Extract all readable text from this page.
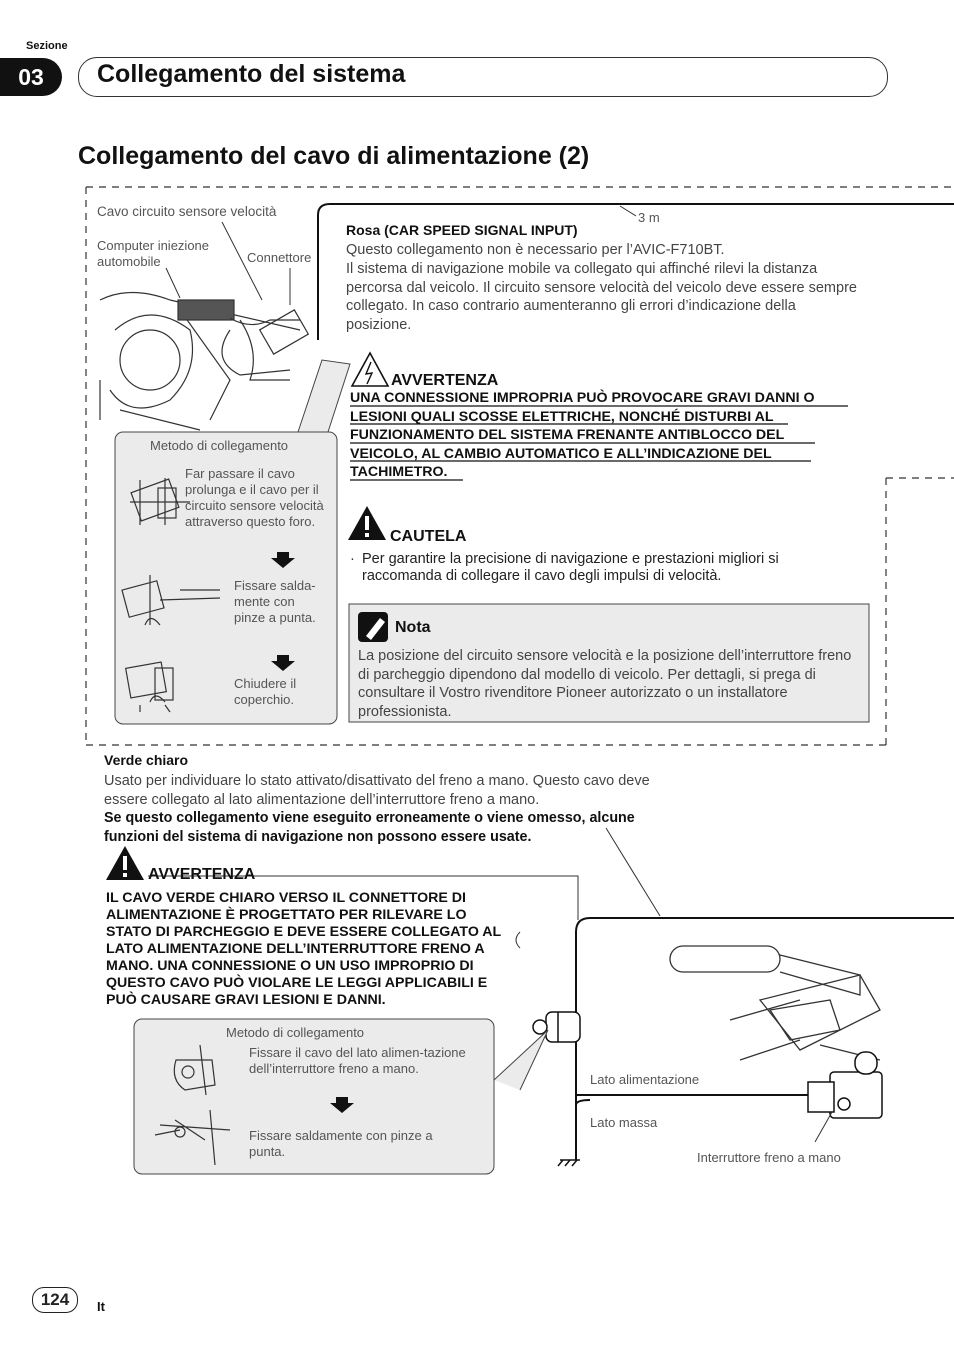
Sezione
03	Collegamento del sistema
Collegamento del cavo di alimentazione (2)
Cavo circuito sensore velocità
Computer iniezione automobile	Connettore
3 m
Metodo di collegamento
Far passare il cavo prolunga e il cavo per il circuito sensore velocità attraverso questo foro.
Fissare salda-mente con pinze a punta.
Chiudere il coperchio.
Rosa (CAR SPEED SIGNAL INPUT)
Questo collegamento non è necessario per l’AVIC-F710BT.
Il sistema di navigazione mobile va collegato qui affinché rilevi la distanza percorsa dal veicolo. Il circuito sensore velocità del veicolo deve essere sempre collegato. In caso contrario aumenteranno gli errori d’indicazione della posizione.
AVVERTENZA
UNA CONNESSIONE IMPROPRIA PUÒ PROVOCARE GRAVI DANNI O
LESIONI QUALI SCOSSE ELETTRICHE, NONCHÉ DISTURBI AL
FUNZIONAMENTO DEL SISTEMA FRENANTE ANTIBLOCCO DEL
VEICOLO, AL CAMBIO AUTOMATICO E ALL’INDICAZIONE DEL
TACHIMETRO.
CAUTELA
· Per garantire la precisione di navigazione e prestazioni migliori si raccomanda di collegare il cavo degli impulsi di velocità.
Nota
La posizione del circuito sensore velocità e la posizione dell’interruttore freno di parcheggio dipendono dal modello di veicolo. Per dettagli, si prega di consultare il Vostro rivenditore Pioneer autorizzato o un installatore professionista.
Verde chiaro
Usato per individuare lo stato attivato/disattivato del freno a mano. Questo cavo deve essere collegato al lato alimentazione dell’interruttore freno a mano.
Se questo collegamento viene eseguito erroneamente o viene omesso, alcune funzioni del sistema di navigazione non possono essere usate.
AVVERTENZA
IL CAVO VERDE CHIARO VERSO IL CONNETTORE DI ALIMENTAZIONE È PROGETTATO PER RILEVARE LO STATO DI PARCHEGGIO E DEVE ESSERE COLLEGATO AL LATO ALIMENTAZIONE DELL’INTERRUTTORE FRENO A MANO. UNA CONNESSIONE O UN USO IMPROPRIO DI QUESTO CAVO PUÒ VIOLARE LE LEGGI APPLICABILI E PUÒ CAUSARE GRAVI LESIONI E DANNI.
Metodo di collegamento
Fissare il cavo del lato alimen-tazione dell’interruttore freno a mano.
Fissare saldamente con pinze a punta.
Lato alimentazione
Lato massa
Interruttore freno a mano
124	It
